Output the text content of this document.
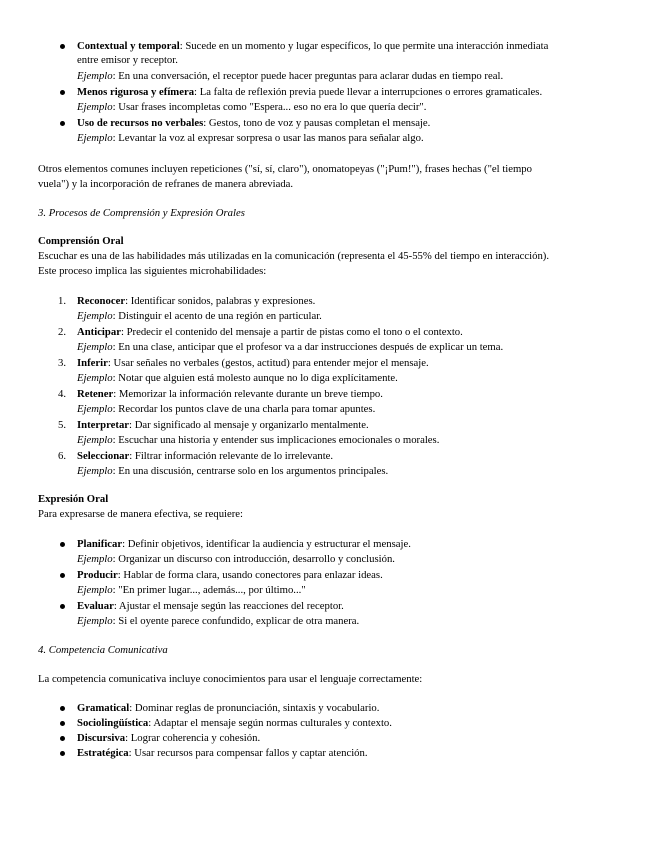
Contextual y temporal: Sucede en un momento y lugar específicos, lo que permite una interacción inmediata
entre emisor y receptor.
Ejemplo: En una conversación, el receptor puede hacer preguntas para aclarar dudas en tiempo real.
Menos rigurosa y efímera: La falta de reflexión previa puede llevar a interrupciones o errores gramaticales.
Ejemplo: Usar frases incompletas como "Espera... eso no era lo que quería decir".
Uso de recursos no verbales: Gestos, tono de voz y pausas completan el mensaje.
Ejemplo: Levantar la voz al expresar sorpresa o usar las manos para señalar algo.
Otros elementos comunes incluyen repeticiones ("sí, sí, claro"), onomatopeyas ("¡Pum!"), frases hechas ("el tiempo
vuela") y la incorporación de refranes de manera abreviada.
3. Procesos de Comprensión y Expresión Orales
Comprensión Oral
Escuchar es una de las habilidades más utilizadas en la comunicación (representa el 45-55% del tiempo en interacción).
Este proceso implica las siguientes microhabilidades:
1. Reconocer: Identificar sonidos, palabras y expresiones.
Ejemplo: Distinguir el acento de una región en particular.
2. Anticipar: Predecir el contenido del mensaje a partir de pistas como el tono o el contexto.
Ejemplo: En una clase, anticipar que el profesor va a dar instrucciones después de explicar un tema.
3. Inferir: Usar señales no verbales (gestos, actitud) para entender mejor el mensaje.
Ejemplo: Notar que alguien está molesto aunque no lo diga explícitamente.
4. Retener: Memorizar la información relevante durante un breve tiempo.
Ejemplo: Recordar los puntos clave de una charla para tomar apuntes.
5. Interpretar: Dar significado al mensaje y organizarlo mentalmente.
Ejemplo: Escuchar una historia y entender sus implicaciones emocionales o morales.
6. Seleccionar: Filtrar información relevante de lo irrelevante.
Ejemplo: En una discusión, centrarse solo en los argumentos principales.
Expresión Oral
Para expresarse de manera efectiva, se requiere:
Planificar: Definir objetivos, identificar la audiencia y estructurar el mensaje.
Ejemplo: Organizar un discurso con introducción, desarrollo y conclusión.
Producir: Hablar de forma clara, usando conectores para enlazar ideas.
Ejemplo: "En primer lugar..., además..., por último..."
Evaluar: Ajustar el mensaje según las reacciones del receptor.
Ejemplo: Si el oyente parece confundido, explicar de otra manera.
4. Competencia Comunicativa
La competencia comunicativa incluye conocimientos para usar el lenguaje correctamente:
Gramatical: Dominar reglas de pronunciación, sintaxis y vocabulario.
Sociolingüística: Adaptar el mensaje según normas culturales y contexto.
Discursiva: Lograr coherencia y cohesión.
Estratégica: Usar recursos para compensar fallos y captar atención.
